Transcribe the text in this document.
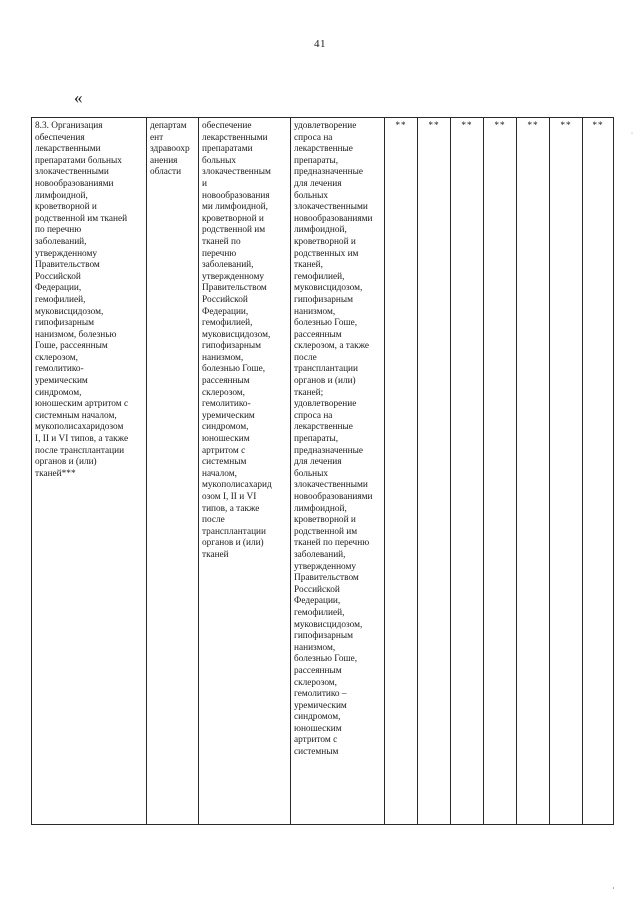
41
«
8.3. Организация
обеспечения
лекарственными
препаратами больных
злокачественными
новообразованиями
лимфоидной,
кроветворной и
родственной им тканей
по перечню
заболеваний,
утвержденному
Правительством
Российской
Федерации,
гемофилией,
муковисцидозом,
гипофизарным
нанизмом, болезнью
Гоше, рассеянным
склерозом,
гемолитико-
уремическим
синдромом,
юношеским артритом с
системным началом,
мукополисахаридозом
I, II и VI типов, а также
после трансплантации
органов и (или)
тканей***	департам
ент
здравоохр
анения
области	обеспечение
лекарственными
препаратами
больных
злокачественным
и
новообразования
ми лимфоидной,
кроветворной и
родственной им
тканей по
перечню
заболеваний,
утвержденному
Правительством
Российской
Федерации,
гемофилией,
муковисцидозом,
гипофизарным
нанизмом,
болезнью Гоше,
рассеянным
склерозом,
гемолитико-
уремическим
синдромом,
юношеским
артритом с
системным
началом,
мукополисахарид
озом I, II и VI
типов, а также
после
трансплантации
органов и (или)
тканей	удовлетворение
спроса на
лекарственные
препараты,
предназначенные
для лечения
больных
злокачественными
новообразованиями
лимфоидной,
кроветворной и
родственных им
тканей,
гемофилией,
муковисцидозом,
гипофизарным
нанизмом,
болезнью Гоше,
рассеянным
склерозом, а также
после
трансплантации
органов и (или)
тканей;
удовлетворение
спроса на
лекарственные
препараты,
предназначенные
для лечения
больных
злокачественными
новообразованиями
лимфоидной,
кроветворной и
родственной им
тканей по перечню
заболеваний,
утвержденному
Правительством
Российской
Федерации,
гемофилией,
муковисцидозом,
гипофизарным
нанизмом,
болезнью Гоше,
рассеянным
склерозом,
гемолитико –
уремическим
синдромом,
юношеским
артритом с
системным	**	**	**	**	**	**	**
·
·
